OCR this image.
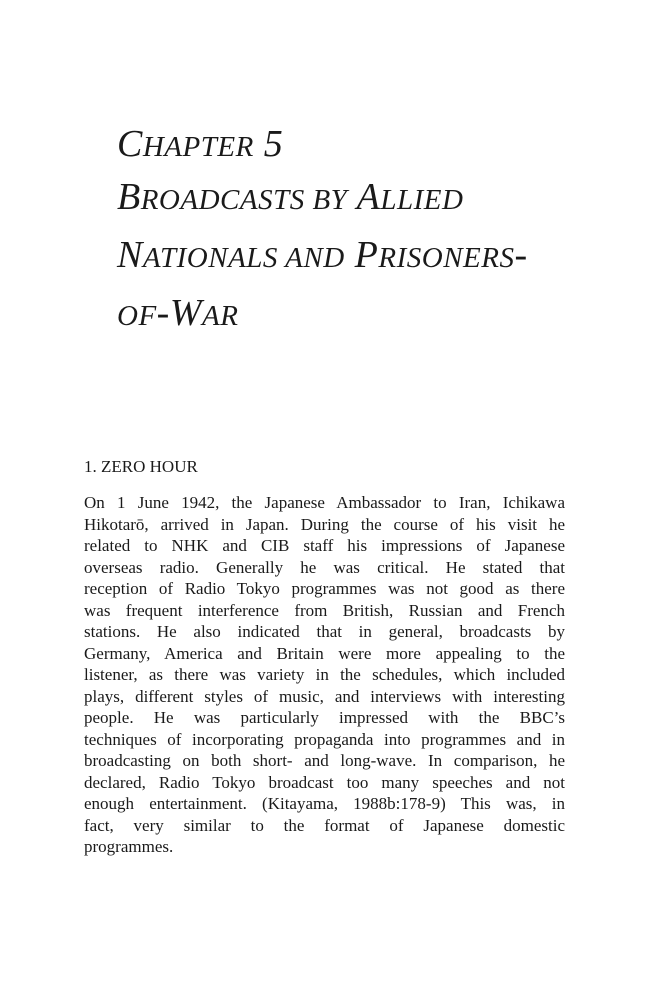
CHAPTER 5
BROADCASTS BY ALLIED
NATIONALS AND PRISONERS-
OF-WAR
1. ZERO HOUR

On 1 June 1942, the Japanese Ambassador to Iran, Ichikawa
Hikotarō, arrived in Japan. During the course of his visit he
related to NHK and CIB staff his impressions of Japanese
overseas radio. Generally he was critical. He stated that
reception of Radio Tokyo programmes was not good as there
was frequent interference from British, Russian and French
stations. He also indicated that in general, broadcasts by
Germany, America and Britain were more appealing to the
listener, as there was variety in the schedules, which included
plays, different styles of music, and interviews with interesting
people. He was particularly impressed with the BBC’s
techniques of incorporating propaganda into programmes and in
broadcasting on both short- and long-wave. In comparison, he
declared, Radio Tokyo broadcast too many speeches and not
enough entertainment. (Kitayama, 1988b:178-9) This was, in
fact, very similar to the format of Japanese domestic
programmes.
